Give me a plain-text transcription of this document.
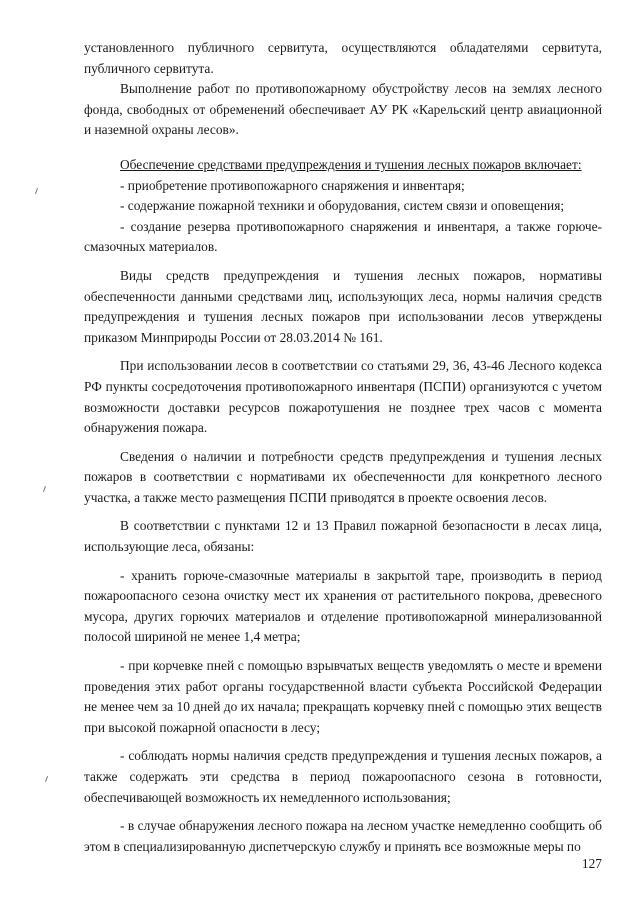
установленного публичного сервитута, осуществляются обладателями сервитута, публичного сервитута.

Выполнение работ по противопожарному обустройству лесов на землях лесного фонда, свободных от обременений обеспечивает АУ РК «Карельский центр авиационной и наземной охраны лесов».

Обеспечение средствами предупреждения и тушения лесных пожаров включает:

- приобретение противопожарного снаряжения и инвентаря;

- содержание пожарной техники и оборудования, систем связи и оповещения;

- создание резерва противопожарного снаряжения и инвентаря, а также горюче-смазочных материалов.

Виды средств предупреждения и тушения лесных пожаров, нормативы обеспеченности данными средствами лиц, использующих леса, нормы наличия средств предупреждения и тушения лесных пожаров при использовании лесов утверждены приказом Минприроды России от 28.03.2014 № 161.

При использовании лесов в соответствии со статьями 29, 36, 43-46 Лесного кодекса РФ пункты сосредоточения противопожарного инвентаря (ПСПИ) организуются с учетом возможности доставки ресурсов пожаротушения не позднее трех часов с момента обнаружения пожара.

Сведения о наличии и потребности средств предупреждения и тушения лесных пожаров в соответствии с нормативами их обеспеченности для конкретного лесного участка, а также место размещения ПСПИ приводятся в проекте освоения лесов.

В соответствии с пунктами 12 и 13 Правил пожарной безопасности в лесах лица, использующие леса, обязаны:

- хранить горюче-смазочные материалы в закрытой таре, производить в период пожароопасного сезона очистку мест их хранения от растительного покрова, древесного мусора, других горючих материалов и отделение противопожарной минерализованной полосой шириной не менее 1,4 метра;

- при корчевке пней с помощью взрывчатых веществ уведомлять о месте и времени проведения этих работ органы государственной власти субъекта Российской Федерации не менее чем за 10 дней до их начала; прекращать корчевку пней с помощью этих веществ при высокой пожарной опасности в лесу;

- соблюдать нормы наличия средств предупреждения и тушения лесных пожаров, а также содержать эти средства в период пожароопасного сезона в готовности, обеспечивающей возможность их немедленного использования;

- в случае обнаружения лесного пожара на лесном участке немедленно сообщить об этом в специализированную диспетчерскую службу и принять все возможные меры по

127
